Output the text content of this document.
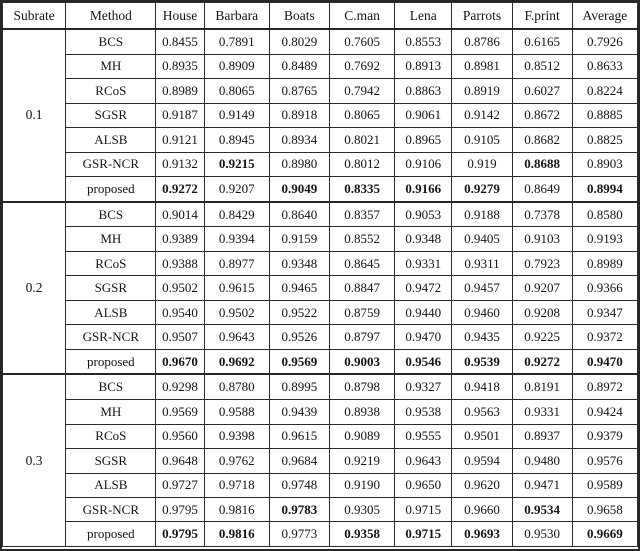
Subrate	Method	House	Barbara	Boats	C.man	Lena	Parrots	F.print	Average
0.1	BCS	0.8455	0.7891	0.8029	0.7605	0.8553	0.8786	0.6165	0.7926
	MH	0.8935	0.8909	0.8489	0.7692	0.8913	0.8981	0.8512	0.8633
	RCoS	0.8989	0.8065	0.8765	0.7942	0.8863	0.8919	0.6027	0.8224
	SGSR	0.9187	0.9149	0.8918	0.8065	0.9061	0.9142	0.8672	0.8885
	ALSB	0.9121	0.8945	0.8934	0.8021	0.8965	0.9105	0.8682	0.8825
	GSR-NCR	0.9132	0.9215	0.8980	0.8012	0.9106	0.919	0.8688	0.8903
	proposed	0.9272	0.9207	0.9049	0.8335	0.9166	0.9279	0.8649	0.8994
0.2	BCS	0.9014	0.8429	0.8640	0.8357	0.9053	0.9188	0.7378	0.8580
	MH	0.9389	0.9394	0.9159	0.8552	0.9348	0.9405	0.9103	0.9193
	RCoS	0.9388	0.8977	0.9348	0.8645	0.9331	0.9311	0.7923	0.8989
	SGSR	0.9502	0.9615	0.9465	0.8847	0.9472	0.9457	0.9207	0.9366
	ALSB	0.9540	0.9502	0.9522	0.8759	0.9440	0.9460	0.9208	0.9347
	GSR-NCR	0.9507	0.9643	0.9526	0.8797	0.9470	0.9435	0.9225	0.9372
	proposed	0.9670	0.9692	0.9569	0.9003	0.9546	0.9539	0.9272	0.9470
0.3	BCS	0.9298	0.8780	0.8995	0.8798	0.9327	0.9418	0.8191	0.8972
	MH	0.9569	0.9588	0.9439	0.8938	0.9538	0.9563	0.9331	0.9424
	RCoS	0.9560	0.9398	0.9615	0.9089	0.9555	0.9501	0.8937	0.9379
	SGSR	0.9648	0.9762	0.9684	0.9219	0.9643	0.9594	0.9480	0.9576
	ALSB	0.9727	0.9718	0.9748	0.9190	0.9650	0.9620	0.9471	0.9589
	GSR-NCR	0.9795	0.9816	0.9783	0.9305	0.9715	0.9660	0.9534	0.9658
	proposed	0.9795	0.9816	0.9773	0.9358	0.9715	0.9693	0.9530	0.9669
